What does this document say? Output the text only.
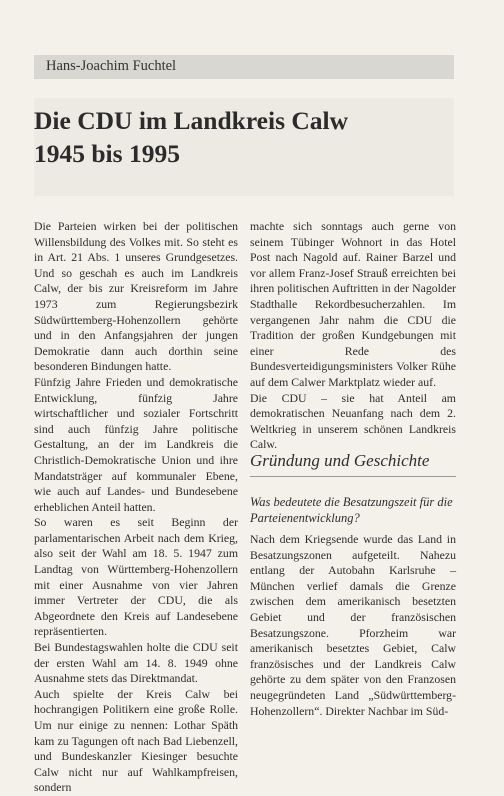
Hans-Joachim Fuchtel
Die CDU im Landkreis Calw
1945 bis 1995

Die Parteien wirken bei der politischen Willensbildung des Volkes mit. So steht es in Art. 21 Abs. 1 unseres Grundgesetzes. Und so geschah es auch im Landkreis Calw, der bis zur Kreisreform im Jahre 1973 zum Regierungsbezirk Südwürttemberg-Hohenzollern gehörte und in den Anfangsjahren der jungen Demokratie dann auch dorthin seine besonderen Bindungen hatte.

Fünfzig Jahre Frieden und demokratische Entwicklung, fünfzig Jahre wirtschaftlicher und sozialer Fortschritt sind auch fünfzig Jahre politische Gestaltung, an der im Landkreis die Christlich-Demokratische Union und ihre Mandatsträger auf kommunaler Ebene, wie auch auf Landes- und Bundesebene erheblichen Anteil hatten.

So waren es seit Beginn der parlamentarischen Arbeit nach dem Krieg, also seit der Wahl am 18. 5. 1947 zum Landtag von Württemberg-Hohenzollern mit einer Ausnahme von vier Jahren immer Vertreter der CDU, die als Abgeordnete den Kreis auf Landesebene repräsentierten.

Bei Bundestagswahlen holte die CDU seit der ersten Wahl am 14. 8. 1949 ohne Ausnahme stets das Direktmandat.

Auch spielte der Kreis Calw bei hochrangigen Politikern eine große Rolle. Um nur einige zu nennen: Lothar Späth kam zu Tagungen oft nach Bad Liebenzell, und Bundeskanzler Kiesinger besuchte Calw nicht nur auf Wahlkampfreisen, sondern

machte sich sonntags auch gerne von seinem Tübinger Wohnort in das Hotel Post nach Nagold auf. Rainer Barzel und vor allem Franz-Josef Strauß erreichten bei ihren politischen Auftritten in der Nagolder Stadthalle Rekordbesucherzahlen. Im vergangenen Jahr nahm die CDU die Tradition der großen Kundgebungen mit einer Rede des Bundesverteidigungsministers Volker Rühe auf dem Calwer Marktplatz wieder auf.

Die CDU – sie hat Anteil am demokratischen Neuanfang nach dem 2. Weltkrieg in unserem schönen Landkreis Calw.

Gründung und Geschichte
Was bedeutete die Besatzungszeit für die Parteienentwicklung?

Nach dem Kriegsende wurde das Land in Besatzungszonen aufgeteilt. Nahezu entlang der Autobahn Karlsruhe – München verlief damals die Grenze zwischen dem amerikanisch besetzten Gebiet und der französischen Besatzungszone. Pforzheim war amerikanisch besetztes Gebiet, Calw französisches und der Landkreis Calw gehörte zu dem später von den Franzosen neugegründeten Land „Südwürttemberg-Hohenzollern“. Direkter Nachbar im Süd-
